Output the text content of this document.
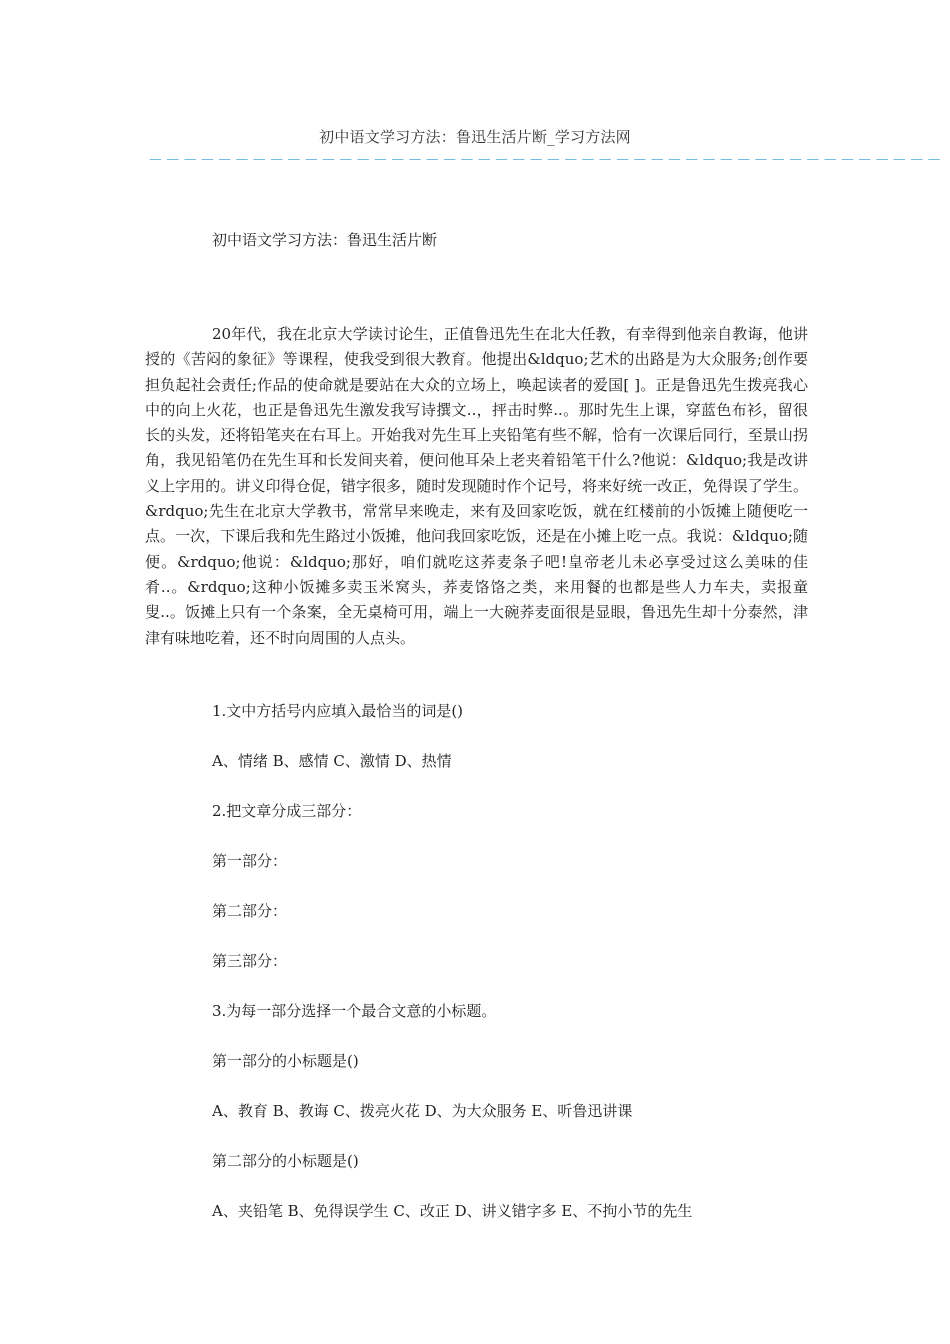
初中语文学习方法：鲁迅生活片断_学习方法网
－－－－－－－－－－－－－－－－－－－－－－－－－－－－－－－－－－－－－－－－－－－－－－
初中语文学习方法：鲁迅生活片断

20年代，我在北京大学读讨论生，正值鲁迅先生在北大任教，有幸得到他亲自教诲，他讲授的《苦闷的象征》等课程，使我受到很大教育。他提出&ldquo;艺术的出路是为大众服务;创作要担负起社会责任;作品的使命就是要站在大众的立场上，唤起读者的爱国[ ]。正是鲁迅先生拨亮我心中的向上火花，也正是鲁迅先生激发我写诗撰文..，抨击时弊..。那时先生上课，穿蓝色布衫，留很长的头发，还将铅笔夹在右耳上。开始我对先生耳上夹铅笔有些不解，恰有一次课后同行，至景山拐角，我见铅笔仍在先生耳和长发间夹着，便问他耳朵上老夹着铅笔干什么?他说：&ldquo;我是改讲义上字用的。讲义印得仓促，错字很多，随时发现随时作个记号，将来好统一改正，免得误了学生。&rdquo;先生在北京大学教书，常常早来晚走，来有及回家吃饭，就在红楼前的小饭摊上随便吃一点。一次，下课后我和先生路过小饭摊，他问我回家吃饭，还是在小摊上吃一点。我说：&ldquo;随便。&rdquo;他说：&ldquo;那好，咱们就吃这荞麦条子吧!皇帝老儿未必享受过这么美味的佳肴..。&rdquo;这种小饭摊多卖玉米窝头，荞麦饹饹之类，来用餐的也都是些人力车夫，卖报童叟..。饭摊上只有一个条案，全无桌椅可用，端上一大碗荞麦面很是显眼，鲁迅先生却十分泰然，津津有味地吃着，还不时向周围的人点头。

1.文中方括号内应填入最恰当的词是()
A、情绪 B、感情 C、激情 D、热情
2.把文章分成三部分：
第一部分：
第二部分：
第三部分：
3.为每一部分选择一个最合文意的小标题。
第一部分的小标题是()
A、教育 B、教诲 C、拨亮火花 D、为大众服务 E、听鲁迅讲课
第二部分的小标题是()
A、夹铅笔 B、免得误学生 C、改正 D、讲义错字多 E、不拘小节的先生
